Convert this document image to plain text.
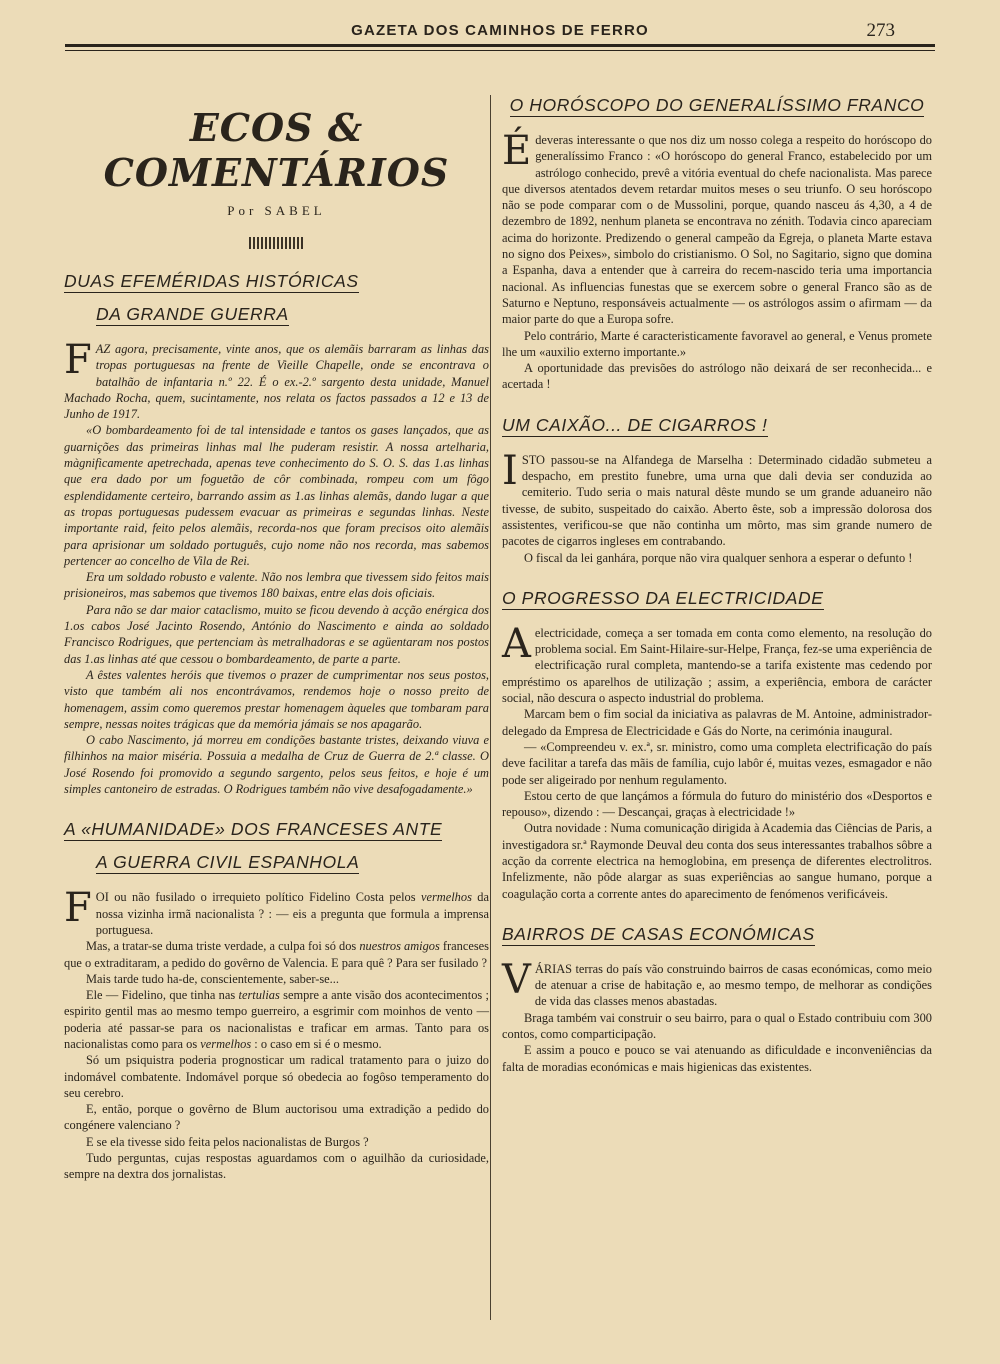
GAZETA DOS CAMINHOS DE FERRO	273
ECOS & COMENTÁRIOS
Por SABEL
DUAS EFEMÉRIDAS HISTÓRICAS
DA GRANDE GUERRA

FAZ agora, precisamente, vinte anos, que os alemãis barraram as linhas das tropas portuguesas na frente de Vieille Chapelle, onde se encontrava o batalhão de infantaria n.º 22. É o ex.-2.º sargento desta unidade, Manuel Machado Rocha, quem, sucintamente, nos relata os factos passados a 12 e 13 de Junho de 1917.

«O bombardeamento foi de tal intensidade e tantos os gases lançados, que as guarnições das primeiras linhas mal lhe puderam resistir. A nossa artelharia, màgnificamente apetrechada, apenas teve conhecimento do S. O. S. das 1.as linhas que era dado por um foguetão de côr combinada, rompeu com um fôgo esplendidamente certeiro, barrando assim as 1.as linhas alemãs, dando lugar a que as tropas portuguesas pudessem evacuar as primeiras e segundas linhas. Neste importante raid, feito pelos alemãis, recorda-nos que foram precisos oito alemãis para aprisionar um soldado português, cujo nome não nos recorda, mas sabemos pertencer ao concelho de Vila de Rei.

Era um soldado robusto e valente. Não nos lembra que tivessem sido feitos mais prisioneiros, mas sabemos que tivemos 180 baixas, entre elas dois oficiais.

Para não se dar maior cataclismo, muito se ficou devendo à acção enérgica dos 1.os cabos José Jacinto Rosendo, António do Nascimento e ainda ao soldado Francisco Rodrigues, que pertenciam às metralhadoras e se agüentaram nos postos das 1.as linhas até que cessou o bombardeamento, de parte a parte.

A êstes valentes heróis que tivemos o prazer de cumprimentar nos seus postos, visto que também ali nos encontrávamos, rendemos hoje o nosso preito de homenagem, assim como queremos prestar homenagem àqueles que tombaram para sempre, nessas noites trágicas que da memória jámais se nos apagarão.

O cabo Nascimento, já morreu em condições bastante tristes, deixando viuva e filhinhos na maior miséria. Possuia a medalha de Cruz de Guerra de 2.ª classe. O José Rosendo foi promovido a segundo sargento, pelos seus feitos, e hoje é um simples cantoneiro de estradas. O Rodrigues também não vive desafogadamente.»

A «HUMANIDADE» DOS FRANCESES ANTE
A GUERRA CIVIL ESPANHOLA

FOI ou não fusilado o irrequieto político Fidelino Costa pelos vermelhos da nossa vizinha irmã nacionalista ? : — eis a pregunta que formula a imprensa portuguesa.

Mas, a tratar-se duma triste verdade, a culpa foi só dos nuestros amigos franceses que o extraditaram, a pedido do govêrno de Valencia. E para quê ? Para ser fusilado ?

Mais tarde tudo ha-de, conscientemente, saber-se...

Ele — Fidelino, que tinha nas tertulias sempre a ante visão dos acontecimentos ; espirito gentil mas ao mesmo tempo guerreiro, a esgrimir com moinhos de vento — poderia até passar-se para os nacionalistas e traficar em armas. Tanto para os nacionalistas como para os vermelhos : o caso em si é o mesmo.

Só um psiquistra poderia prognosticar um radical tratamento para o juizo do indomável combatente. Indomável porque só obedecia ao fogôso temperamento do seu cerebro.

E, então, porque o govêrno de Blum auctorisou uma extradição a pedido do congénere valenciano ?

E se ela tivesse sido feita pelos nacionalistas de Burgos ?

Tudo perguntas, cujas respostas aguardamos com o aguilhão da curiosidade, sempre na dextra dos jornalistas.

O HORÓSCOPO DO GENERALÍSSIMO FRANCO

Édeveras interessante o que nos diz um nosso colega a respeito do horóscopo do generalíssimo Franco : «O horóscopo do general Franco, estabelecido por um astrólogo conhecido, prevê a vitória eventual do chefe nacionalista. Mas parece que diversos atentados devem retardar muitos meses o seu triunfo. O seu horóscopo não se pode comparar com o de Mussolini, porque, quando nasceu ás 4,30, a 4 de dezembro de 1892, nenhum planeta se encontrava no zénith. Todavia cinco apareciam acima do horizonte. Predizendo o general campeão da Egreja, o planeta Marte estava no signo dos Peixes», simbolo do cristianismo. O Sol, no Sagitario, signo que domina a Espanha, dava a entender que à carreira do recem-nascido teria uma importancia nacional. As influencias funestas que se exercem sobre o general Franco são as de Saturno e Neptuno, responsáveis actualmente — os astrólogos assim o afirmam — da maior parte do que a Europa sofre.

Pelo contrário, Marte é caracteristicamente favoravel ao general, e Venus promete lhe um «auxilio externo importante.»

A oportunidade das previsões do astrólogo não deixará de ser reconhecida... e acertada !

UM CAIXÃO... DE CIGARROS !

ISTO passou-se na Alfandega de Marselha : Determinado cidadão submeteu a despacho, em prestito funebre, uma urna que dali devia ser conduzida ao cemiterio. Tudo seria o mais natural dêste mundo se um grande aduaneiro não tivesse, de subito, suspeitado do caixão. Aberto êste, sob a impressão dolorosa dos assistentes, verificou-se que não continha um môrto, mas sim grande numero de pacotes de cigarros ingleses em contrabando.

O fiscal da lei ganhára, porque não vira qualquer senhora a esperar o defunto !

O PROGRESSO DA ELECTRICIDADE

Aelectricidade, começa a ser tomada em conta como elemento, na resolução do problema social. Em Saint-Hilaire-sur-Helpe, França, fez-se uma experiência de electrificação rural completa, mantendo-se a tarifa existente mas cedendo por empréstimo os aparelhos de utilização ; assim, a experiência, embora de carácter social, não descura o aspecto industrial do problema.

Marcam bem o fim social da iniciativa as palavras de M. Antoine, administrador-delegado da Empresa de Electricidade e Gás do Norte, na cerimónia inaugural.

— «Compreendeu v. ex.ª, sr. ministro, como uma completa electrificação do país deve facilitar a tarefa das mãis de família, cujo labôr é, muitas vezes, esmagador e não pode ser aligeirado por nenhum regulamento.

Estou certo de que lançámos a fórmula do futuro do ministério dos «Desportos e repouso», dizendo : — Descançai, graças à electricidade !»

Outra novidade : Numa comunicação dirigida à Academia das Ciências de Paris, a investigadora sr.ª Raymonde Deuval deu conta dos seus interessantes trabalhos sôbre a acção da corrente electrica na hemoglobina, em presença de diferentes electrolitros. Infelizmente, não pôde alargar as suas experiências ao sangue humano, porque a coagulação corta a corrente antes do aparecimento de fenómenos verificáveis.

BAIRROS DE CASAS ECONÓMICAS

VÁRIAS terras do país vão construindo bairros de casas económicas, como meio de atenuar a crise de habitação e, ao mesmo tempo, de melhorar as condições de vida das classes menos abastadas.

Braga também vai construir o seu bairro, para o qual o Estado contribuiu com 300 contos, como comparticipação.

E assim a pouco e pouco se vai atenuando as dificuldade e inconveniências da falta de moradias económicas e mais higienicas das existentes.
